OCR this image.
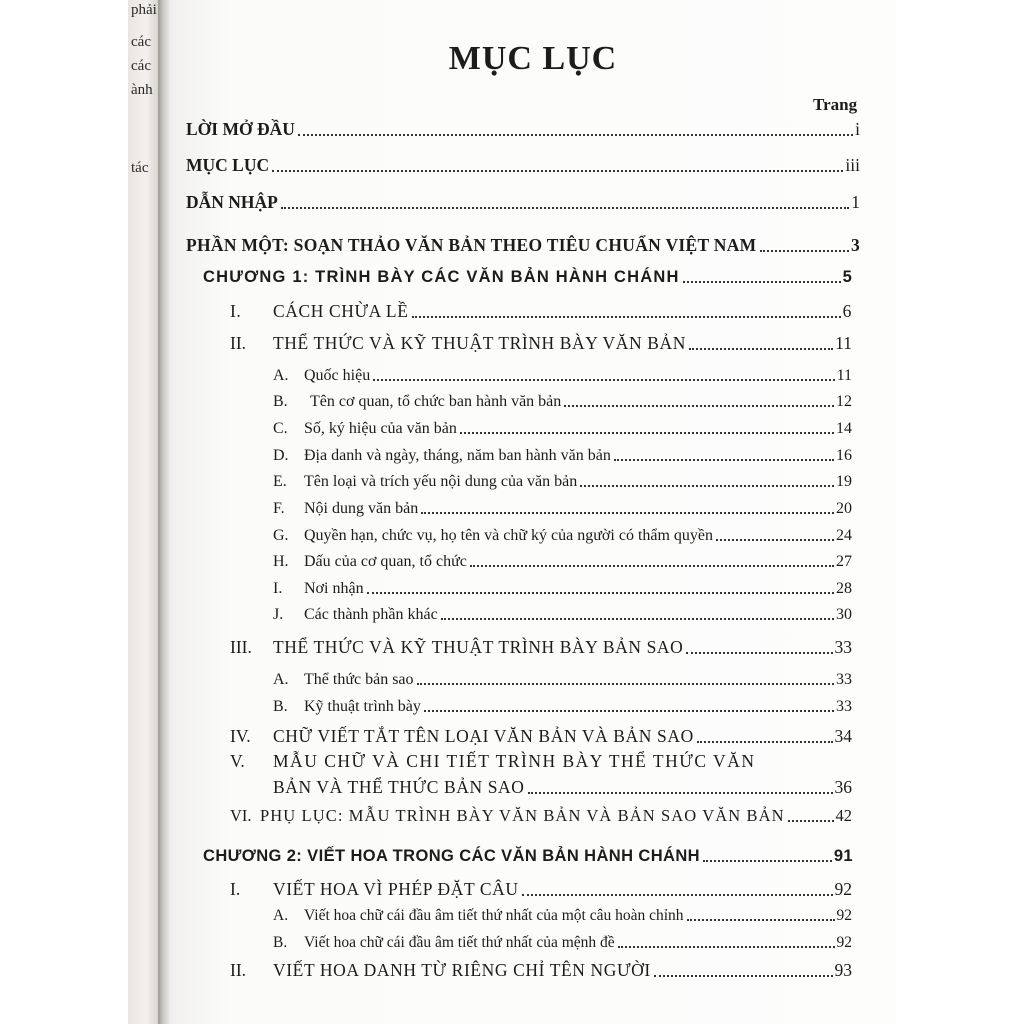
phải
các
các
ành
tác
MỤC LỤC
Trang
LỜI MỞ ĐẦU	i
MỤC LỤC	iii
DẪN NHẬP	1
PHẦN MỘT: SOẠN THẢO VĂN BẢN THEO TIÊU CHUẨN VIỆT NAM	3
CHƯƠNG 1: TRÌNH BÀY CÁC VĂN BẢN HÀNH CHÁNH	5
I.	CÁCH CHỪA LỀ	6
II.	THỂ THỨC VÀ KỸ THUẬT TRÌNH BÀY VĂN BẢN	11
A. Quốc hiệu	11
B.	Tên cơ quan, tổ chức ban hành văn bản	12
C.	Số, ký hiệu của văn bản	14
D. Địa danh và ngày, tháng, năm ban hành văn bản	16
E.	Tên loại và trích yếu nội dung của văn bản	19
F.	Nội dung văn bản	20
G. Quyền hạn, chức vụ, họ tên và chữ ký của người có thẩm quyền	24
H. Dấu của cơ quan, tổ chức	27
I.	Nơi nhận	28
J.	Các thành phần khác	30
III.	THỂ THỨC VÀ KỸ THUẬT TRÌNH BÀY BẢN SAO	33
A. Thể thức bản sao	33
B.	Kỹ thuật trình bày	33
IV.	CHỮ VIẾT TẮT TÊN LOẠI VĂN BẢN VÀ BẢN SAO	34
V. MẪU CHỮ VÀ CHI TIẾT TRÌNH BÀY THỂ THỨC VĂN
BẢN VÀ THỂ THỨC BẢN SAO	36
VI. PHỤ LỤC: MẪU TRÌNH BÀY VĂN BẢN VÀ BẢN SAO VĂN BẢN	42
CHƯƠNG 2: VIẾT HOA TRONG CÁC VĂN BẢN HÀNH CHÁNH	91
I.	VIẾT HOA VÌ PHÉP ĐẶT CÂU	92
A.	Viết hoa chữ cái đầu âm tiết thứ nhất của một câu hoàn chỉnh	92
B.	Viết hoa chữ cái đầu âm tiết thứ nhất của mệnh đề	92
II.	VIẾT HOA DANH TỪ RIÊNG CHỈ TÊN NGƯỜI	93
